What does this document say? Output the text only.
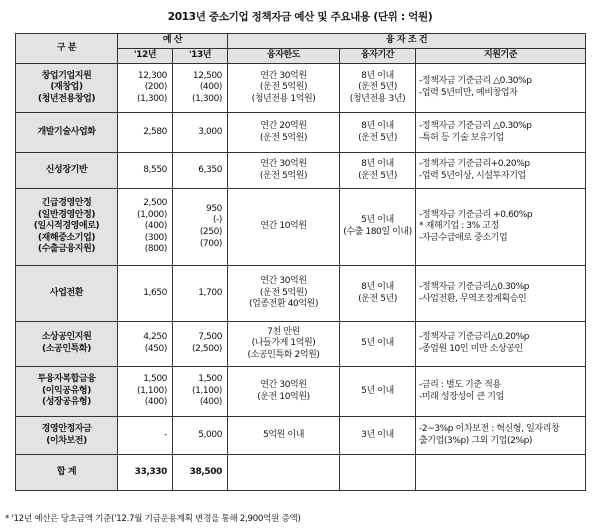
2013년 중소기업 정책자금 예산 및 주요내용 (단위 : 억원)
구 분	예 산		융 자 조 건		
	'12년	'13년	융자한도	융자기간	지원기준

창업기업지원
(재창업)
(청년전용창업)	12,300
(200)
(1,300)	12,500
(400)
(1,300)	연간 30억원
(운전 5억원)
(청년전용 1억원)	8년 이내
(운전 5년)
(청년전용 3년)	-정책자금 기준금리 △0.30%p
-업력 5년미만, 예비창업자

개발기술사업화	2,580	3,000	연간 20억원
(운전 5억원)	8년 이내
(운전 5년)	-정책자금 기준금리 △0.30%p
-특허 등 기술 보유기업

신성장기반	8,550	6,350	연간 30억원
(운전 5억원)	8년 이내
(운전 5년)	-정책자금 기준금리+0.20%p
-업력 5년이상, 시설투자기업

긴급경영안정
(일반경영안정)
(일시적경영애로)
(재해중소기업)
(수출금융지원)	2,500
(1,000)
(400)
(300)
(800)	950
(-)
(250)
(700)	연간 10억원	5년 이내
(수출 180일 이내)	-정책자금 기준금리 +0.60%p
* 재해기업 : 3% 고정
-자금수급애로 중소기업

사업전환	1,650	1,700	연간 30억원
(운전 5억원)
(업종전환 40억원)	8년 이내
(운전 5년)	-정책자금 기준금리△0.30%p
-사업전환, 무역조정계획승인

소상공인지원
(소공인특화)	4,250
(450)	7,500
(2,500)	7천 만원
(나들가게 1억원)
(소공인특화 2억원)	5년 이내	-정책자금 기준금리△0.20%p
-종업원 10인 미만 소상공인

투융자복합금융
(이익공유형)
(성장공유형)	1,500
(1,100)
(400)	1,500
(1,100)
(400)	연간 30억원
(운전 10억원)	5년 이내	-금리 : 별도 기준 적용
-미래 성장성이 큰 기업

경영안정자금
(이차보전)	-	5,000	5억원 이내	3년 이내	-2~3%p 이차보전 : 혁신형, 일자리창
출기업(3%p) 그외 기업(2%p)

합 계	33,330	38,500			
* '12년 예산은 당초금액 기준('12.7월 기금운용계획 변경을 통해 2,900억원 증액)
